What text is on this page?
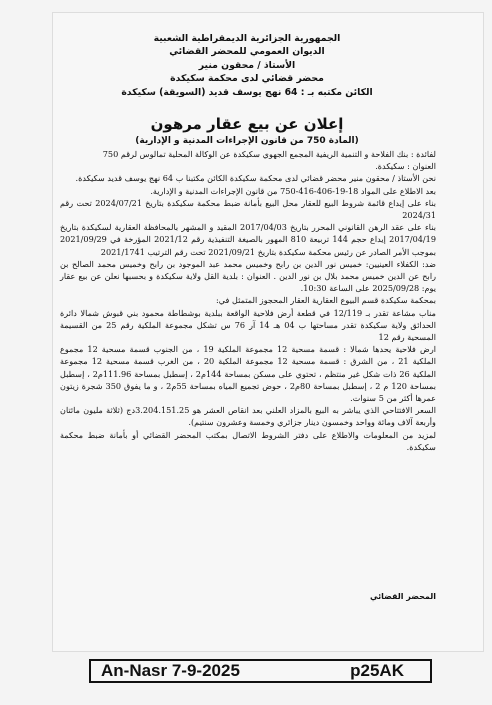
الجمهورية الجزائرية الديمقراطية الشعبية
الديوان العمومي للمحضر القضائي
الأستاذ / محقون منير
محضر قضائي لدى محكمة سكيكدة
الكائن مكتبه بـ : 64 نهج يوسف قديد (السويقة) سكيكدة
إعلان عن بيع عقار مرهون
(المادة 750 من قانون الإجراءات المدنية و الإدارية)

لفائدة : بنك الفلاحة و التنمية الريفية المجمع الجهوي سكيكدة عن الوكالة المحلية تمالوس لرقم 750

العنوان : سكيكدة.

نحن الأستاذ / محقون منير محضر قضائي لدى محكمة سكيكدة الكائن مكتبنا ب 64 نهج يوسف قديد سكيكدة.

بعد الاطلاع على المواد 18-19-406-416-750 من قانون الإجراءات المدنية و الإدارية.

بناء على إيداع قائمة شروط البيع للعقار محل البيع بأمانة ضبط محكمة سكيكدة بتاريخ 2024/07/21 تحت رقم 2024/31

بناء على عقد الرهن القانوني المحرر بتاريخ 2017/04/03 المقيد و المشهر بالمحافظة العقارية لسكيكدة بتاريخ 2017/04/19 إيداع حجم 144 تربيعة 810 المهور بالصيغة التنفيذية رقم 2021/12 المؤرخة في 2021/09/29 بموجب الأمر الصادر عن رئيس محكمة سكيكدة بتاريخ 2021/09/21 تحت رقم الترتيب 2021/1741

ضد: الكفلاء العينيين: خميس نور الدين بن رابح وخميس محمد عبد الموجود بن رابح وخميس محمد الصالح بن رابح عن الدين خميس محمد بلال بن نور الدين . العنوان : بلدية القل ولاية سكيكدة و بحسبها نعلن عن بيع عقار يوم: 2025/09/28 على الساعة 10:30.

بمحكمة سكيكدة قسم البيوع العقارية العقار المحجوز المتمثل في:

مناب مشاعة تقدر بـ 12/119 في قطعة أرض فلاحية الواقعة ببلدية بوشطاطة محمود بني قبوش شمالا دائرة الحدائق ولاية سكيكدة تقدر مساحتها ب 04 هـ 14 آر 76 س تشكل مجموعة الملكية رقم 25 من القسيمة المسحية رقم 12

ارض فلاحية يحدها شمالا : قسمة مسحية 12 مجموعة الملكية 19 ، من الجنوب قسمة مسحية 12 مجموع الملكية 21 ، من الشرق : قسمة مسحية 12 مجموعة الملكية 20 ، من الغرب قسمة مسحية 12 مجموعة الملكية 26 ذات شكل غير منتظم ، تحتوي على مسكن بمساحة 144م2 ، إسطبل بمساحة 111.96م2 ، إسطبل بمساحة 120 م 2 ، إسطبل بمساحة 80م2 ، حوض تجميع المياه بمساحة 55م2 ، و ما يفوق 350 شجرة زيتون عمرها أكثر من 5 سنوات.

السعر الافتتاحي الذي يباشر به البيع بالمزاد العلني بعد انقاص العشر هو 3.204.151.25دج (ثلاثة مليون مائتان وأربعة آلاف ومائة وواحد وخمسون دينار جزائري وخمسة وعشرون سنتيم).

لمزيد من المعلومات والاطلاع على دفتر الشروط الاتصال بمكتب المحضر القضائي أو بأمانة ضبط محكمة سكيكدة.

المحضر القضائي
An-Nasr 7-9-2025	p25AK
